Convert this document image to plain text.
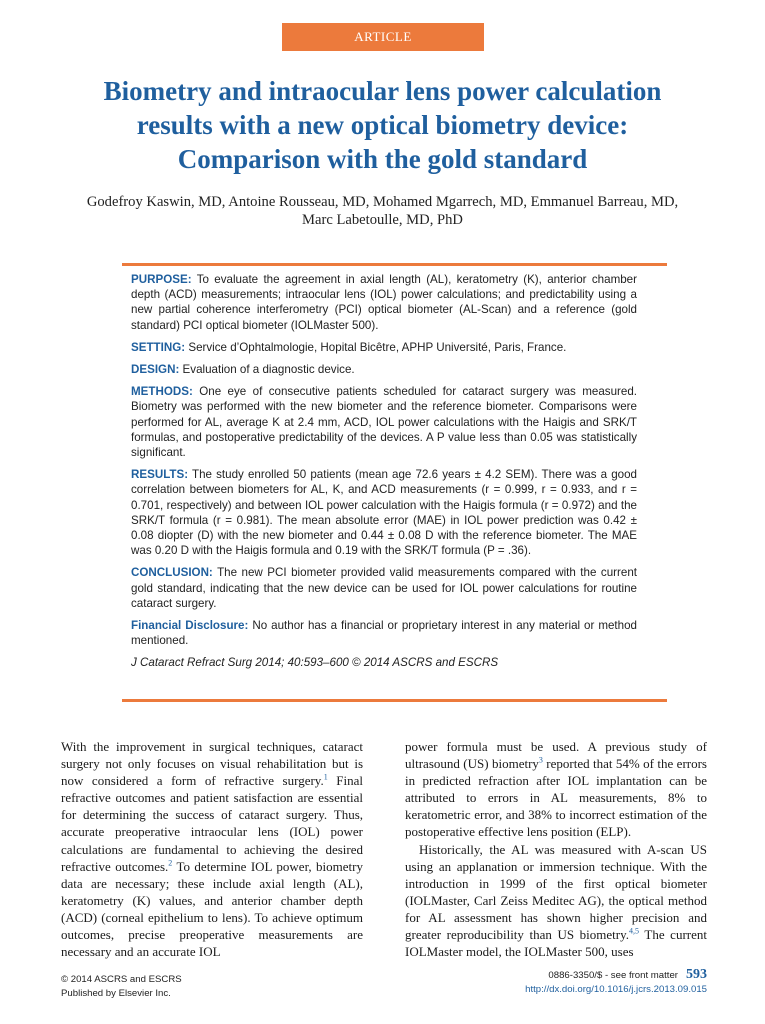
ARTICLE
Biometry and intraocular lens power calculation
results with a new optical biometry device:
Comparison with the gold standard
Godefroy Kaswin, MD, Antoine Rousseau, MD, Mohamed Mgarrech, MD, Emmanuel Barreau, MD,
Marc Labetoulle, MD, PhD

PURPOSE: To evaluate the agreement in axial length (AL), keratometry (K), anterior chamber depth (ACD) measurements; intraocular lens (IOL) power calculations; and predictability using a new partial coherence interferometry (PCI) optical biometer (AL-Scan) and a reference (gold standard) PCI optical biometer (IOLMaster 500).

SETTING: Service d’Ophtalmologie, Hopital Bicêtre, APHP Université, Paris, France.

DESIGN: Evaluation of a diagnostic device.

METHODS: One eye of consecutive patients scheduled for cataract surgery was measured. Biometry was performed with the new biometer and the reference biometer. Comparisons were performed for AL, average K at 2.4 mm, ACD, IOL power calculations with the Haigis and SRK/T formulas, and postoperative predictability of the devices. A P value less than 0.05 was statistically significant.

RESULTS: The study enrolled 50 patients (mean age 72.6 years ± 4.2 SEM). There was a good correlation between biometers for AL, K, and ACD measurements (r = 0.999, r = 0.933, and r = 0.701, respectively) and between IOL power calculation with the Haigis formula (r = 0.972) and the SRK/T formula (r = 0.981). The mean absolute error (MAE) in IOL power prediction was 0.42 ± 0.08 diopter (D) with the new biometer and 0.44 ± 0.08 D with the reference biometer. The MAE was 0.20 D with the Haigis formula and 0.19 with the SRK/T formula (P = .36).

CONCLUSION: The new PCI biometer provided valid measurements compared with the current gold standard, indicating that the new device can be used for IOL power calculations for routine cataract surgery.

Financial Disclosure: No author has a financial or proprietary interest in any material or method mentioned.

J Cataract Refract Surg 2014; 40:593–600 © 2014 ASCRS and ESCRS

With the improvement in surgical techniques, cataract surgery not only focuses on visual rehabilitation but is now considered a form of refractive surgery.$^1$ Final refractive outcomes and patient satisfaction are essential for determining the success of cataract surgery. Thus, accurate preoperative intraocular lens (IOL) power calculations are fundamental to achieving the desired refractive outcomes.$^2$ To determine IOL power, biometry data are necessary; these include axial length (AL), keratometry (K) values, and anterior chamber depth (ACD) (corneal epithelium to lens). To achieve optimum outcomes, precise preoperative measurements are necessary and an accurate IOL

power formula must be used. A previous study of ultrasound (US) biometry$^3$ reported that 54% of the errors in predicted refraction after IOL implantation can be attributed to errors in AL measurements, 8% to keratometric error, and 38% to incorrect estimation of the postoperative effective lens position (ELP).

Historically, the AL was measured with A-scan US using an applanation or immersion technique. With the introduction in 1999 of the first optical biometer (IOLMaster, Carl Zeiss Meditec AG), the optical method for AL assessment has shown higher precision and greater reproducibility than US biometry.$^{4,5}$ The current IOLMaster model, the IOLMaster 500, uses

© 2014 ASCRS and ESCRS
Published by Elsevier Inc.
0886-3350/$ - see front matter 593
http://dx.doi.org/10.1016/j.jcrs.2013.09.015
